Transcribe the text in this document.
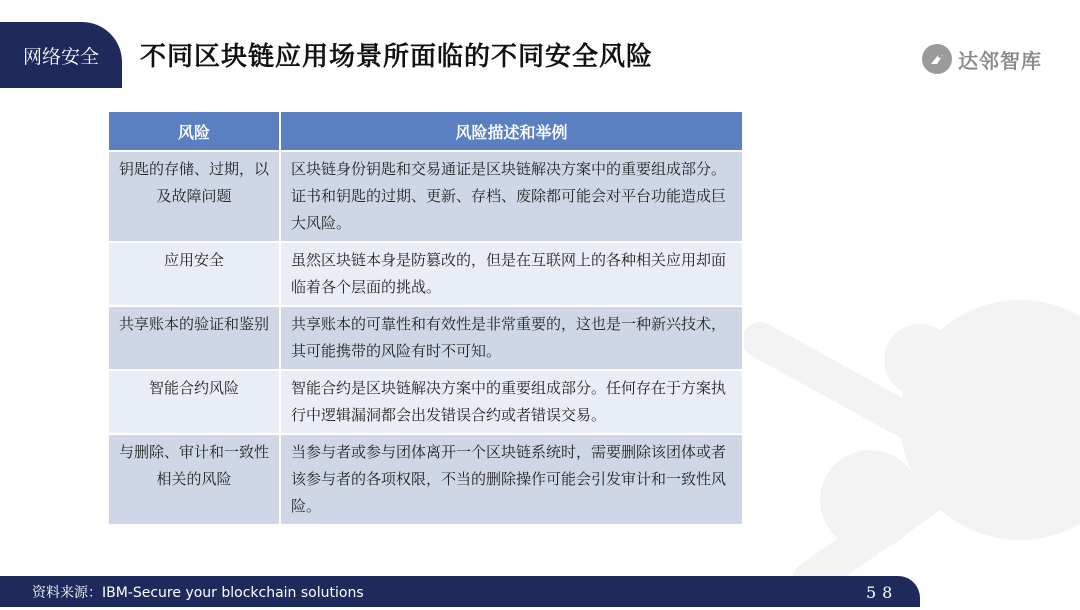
网络安全 不同区块链应用场景所面临的不同安全风险	达邻智库
风险	风险描述和举例
钥匙的存储、过期，以及故障问题	区块链身份钥匙和交易通证是区块链解决方案中的重要组成部分。证书和钥匙的过期、更新、存档、废除都可能会对平台功能造成巨大风险。
应用安全	虽然区块链本身是防篡改的，但是在互联网上的各种相关应用却面临着各个层面的挑战。
共享账本的验证和鉴别	共享账本的可靠性和有效性是非常重要的，这也是一种新兴技术，其可能携带的风险有时不可知。
智能合约风险	智能合约是区块链解决方案中的重要组成部分。任何存在于方案执行中逻辑漏洞都会出发错误合约或者错误交易。
与删除、审计和一致性相关的风险	当参与者或参与团体离开一个区块链系统时，需要删除该团体或者该参与者的各项权限，不当的删除操作可能会引发审计和一致性风险。
资料来源：IBM-Secure your blockchain solutions	58
